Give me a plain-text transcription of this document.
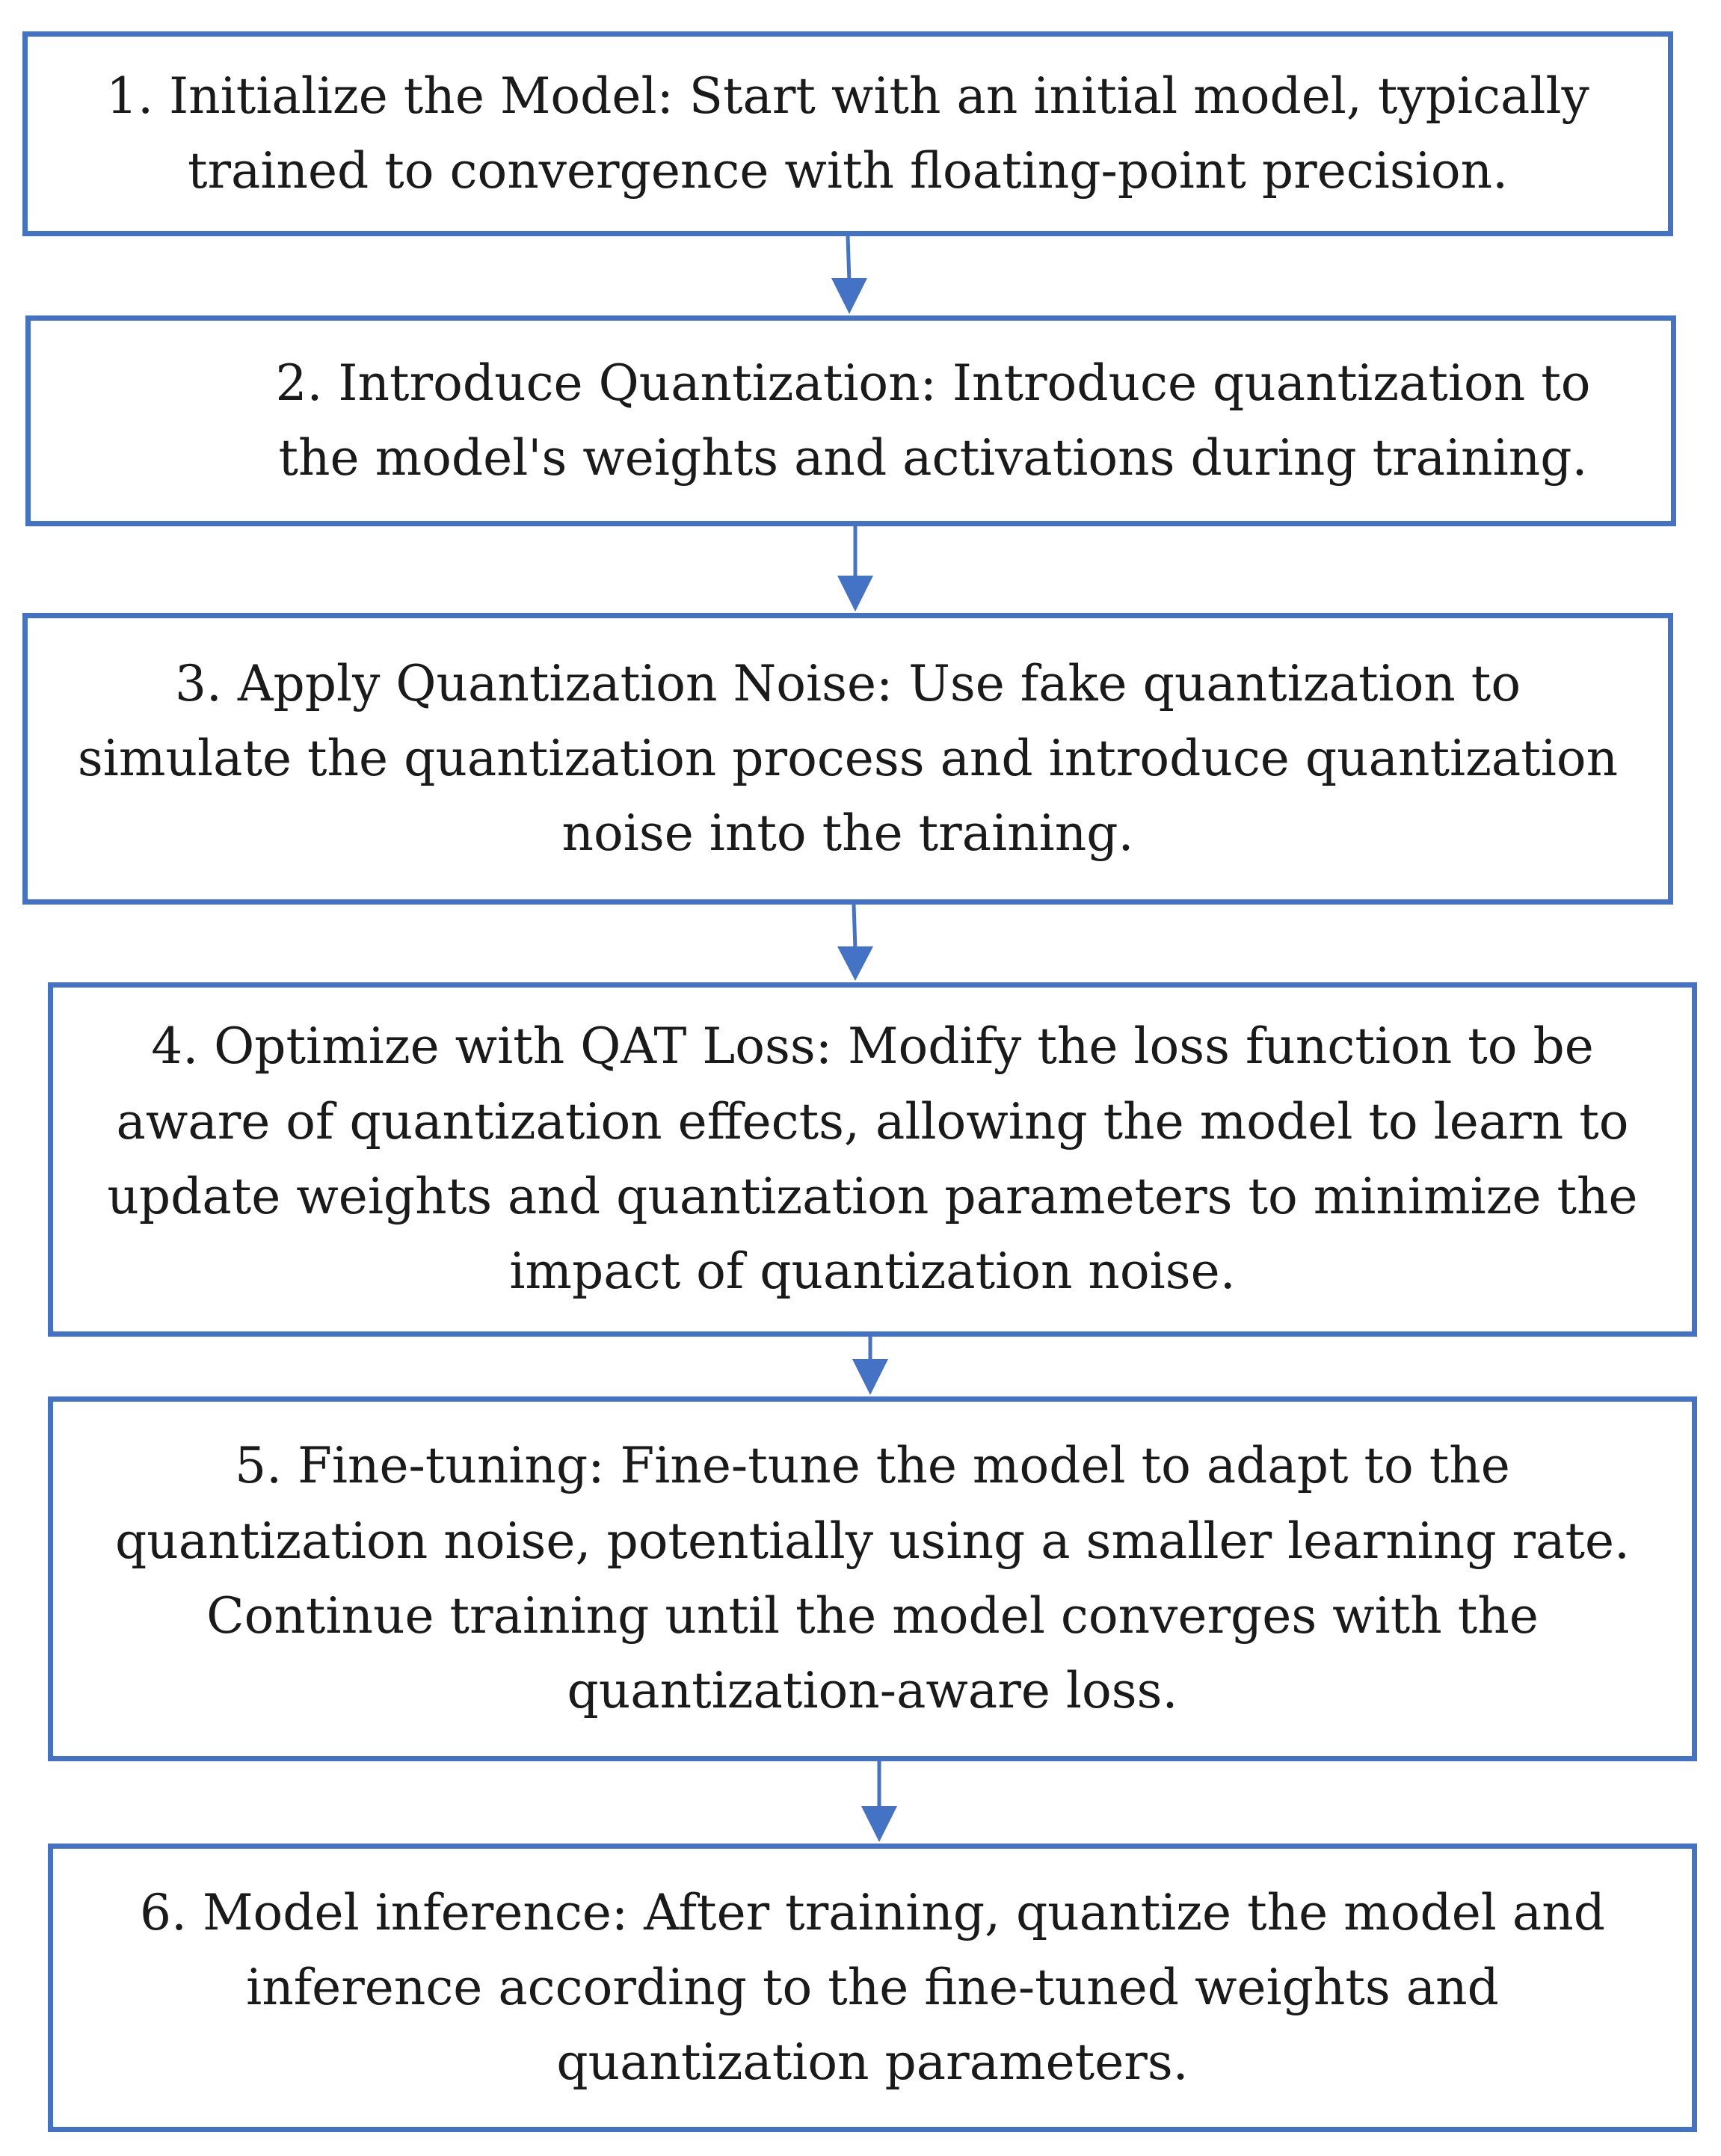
1. Initialize the Model: Start with an initial model, typically trained to convergence with floating-point precision.
2. Introduce Quantization: Introduce quantization to the model's weights and activations during training.
3. Apply Quantization Noise: Use fake quantization to simulate the quantization process and introduce quantization noise into the training.
4. Optimize with QAT Loss: Modify the loss function to be aware of quantization effects, allowing the model to learn to update weights and quantization parameters to minimize the impact of quantization noise.
5. Fine-tuning: Fine-tune the model to adapt to the quantization noise, potentially using a smaller learning rate. Continue training until the model converges with the quantization-aware loss.
6. Model inference: After training, quantize the model and inference according to the fine-tuned weights and quantization parameters.
